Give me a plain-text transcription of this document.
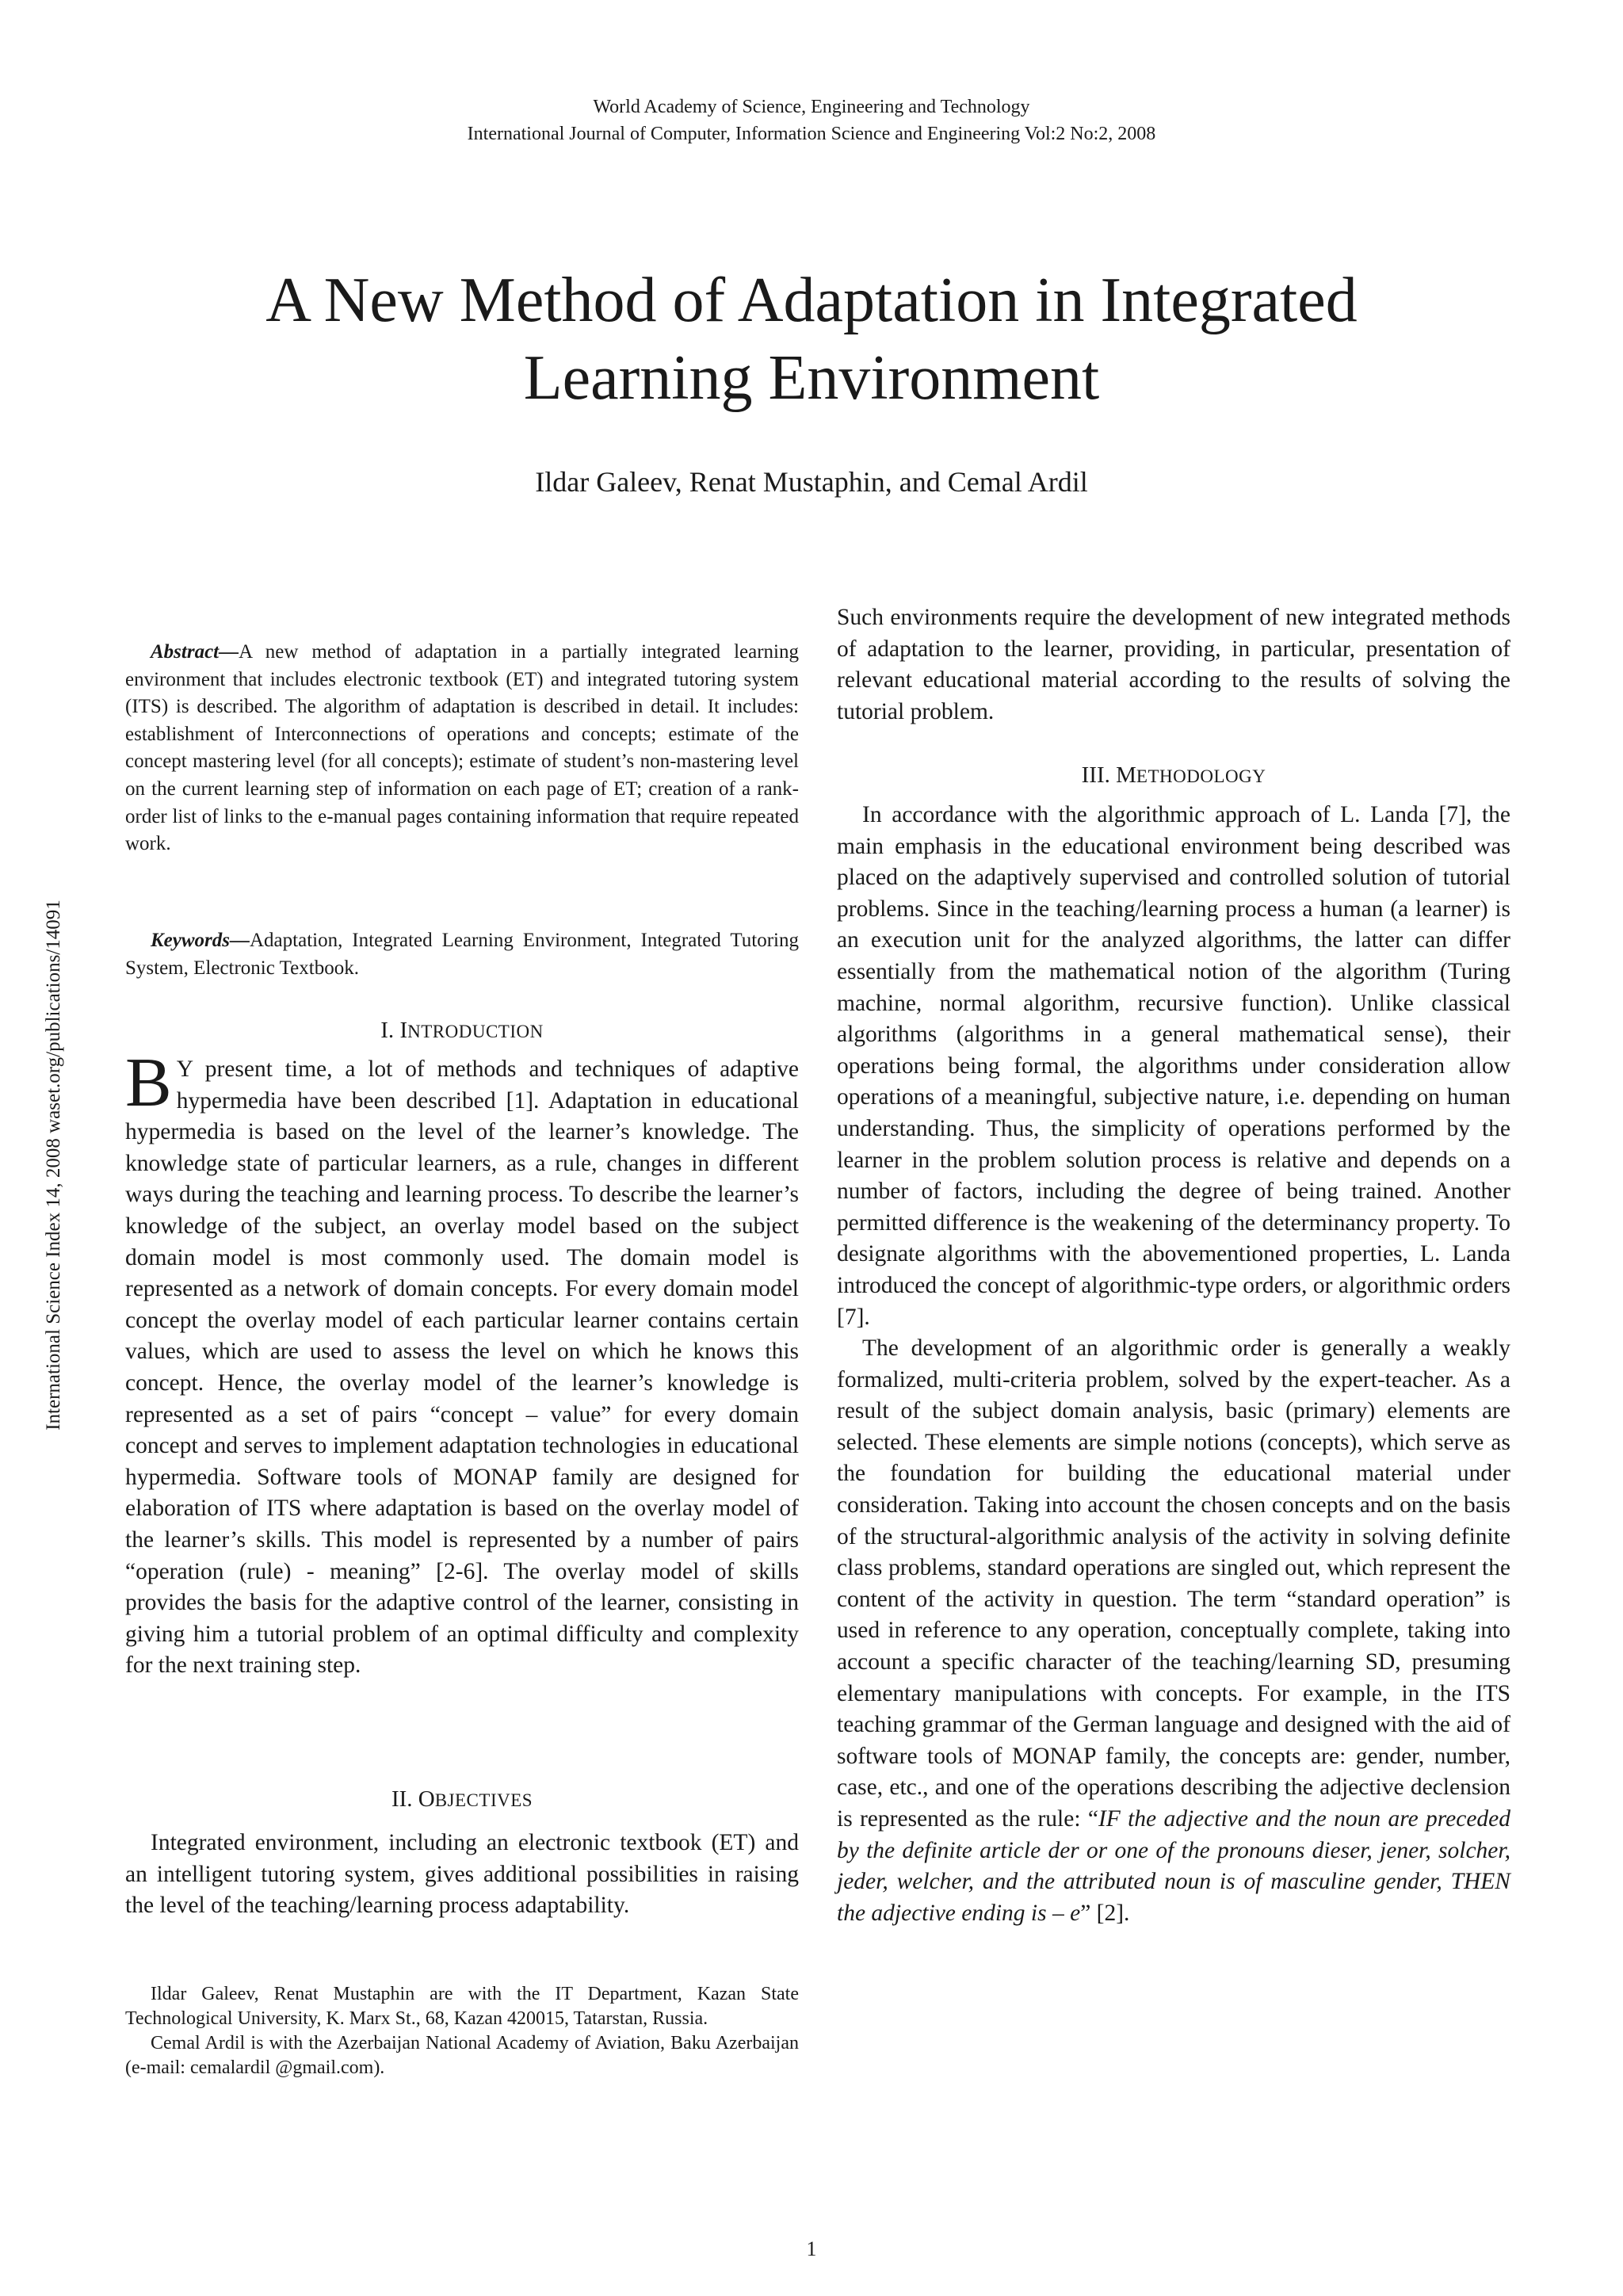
World Academy of Science, Engineering and Technology
International Journal of Computer, Information Science and Engineering Vol:2 No:2, 2008
A New Method of Adaptation in Integrated
Learning Environment
Ildar Galeev, Renat Mustaphin, and Cemal Ardil
International Science Index 14, 2008 waset.org/publications/14091

Abstract—A new method of adaptation in a partially integrated learning environment that includes electronic textbook (ET) and integrated tutoring system (ITS) is described. The algorithm of adaptation is described in detail. It includes: establishment of Interconnections of operations and concepts; estimate of the concept mastering level (for all concepts); estimate of student’s non-mastering level on the current learning step of information on each page of ET; creation of a rank-order list of links to the e-manual pages containing information that require repeated work.

Keywords—Adaptation, Integrated Learning Environment, Integrated Tutoring System, Electronic Textbook.

I. INTRODUCTION

B Y present time, a lot of methods and techniques of adaptive hypermedia have been described [1]. Adaptation in educational hypermedia is based on the level of the learner’s knowledge. The knowledge state of particular learners, as a rule, changes in different ways during the teaching and learning process. To describe the learner’s knowledge of the subject, an overlay model based on the subject domain model is most commonly used. The domain model is represented as a network of domain concepts. For every domain model concept the overlay model of each particular learner contains certain values, which are used to assess the level on which he knows this concept. Hence, the overlay model of the learner’s knowledge is represented as a set of pairs “concept – value” for every domain concept and serves to implement adaptation technologies in educational hypermedia. Software tools of MONAP family are designed for elaboration of ITS where adaptation is based on the overlay model of the learner’s skills. This model is represented by a number of pairs “operation (rule) - meaning” [2-6]. The overlay model of skills provides the basis for the adaptive control of the learner, consisting in giving him a tutorial problem of an optimal difficulty and complexity for the next training step.

II. OBJECTIVES

Integrated environment, including an electronic textbook (ET) and an intelligent tutoring system, gives additional possibilities in raising the level of the teaching/learning process adaptability.

Ildar Galeev, Renat Mustaphin are with the IT Department, Kazan State Technological University, K. Marx St., 68, Kazan 420015, Tatarstan, Russia.

Cemal Ardil is with the Azerbaijan National Academy of Aviation, Baku Azerbaijan (e-mail: cemalardil @gmail.com).

Such environments require the development of new integrated methods of adaptation to the learner, providing, in particular, presentation of relevant educational material according to the results of solving the tutorial problem.

III. METHODOLOGY

In accordance with the algorithmic approach of L. Landa [7], the main emphasis in the educational environment being described was placed on the adaptively supervised and controlled solution of tutorial problems. Since in the teaching/learning process a human (a learner) is an execution unit for the analyzed algorithms, the latter can differ essentially from the mathematical notion of the algorithm (Turing machine, normal algorithm, recursive function). Unlike classical algorithms (algorithms in a general mathematical sense), their operations being formal, the algorithms under consideration allow operations of a meaningful, subjective nature, i.e. depending on human understanding. Thus, the simplicity of operations performed by the learner in the problem solution process is relative and depends on a number of factors, including the degree of being trained. Another permitted difference is the weakening of the determinancy property. To designate algorithms with the abovementioned properties, L. Landa introduced the concept of algorithmic-type orders, or algorithmic orders [7].

The development of an algorithmic order is generally a weakly formalized, multi-criteria problem, solved by the expert-teacher. As a result of the subject domain analysis, basic (primary) elements are selected. These elements are simple notions (concepts), which serve as the foundation for building the educational material under consideration. Taking into account the chosen concepts and on the basis of the structural-algorithmic analysis of the activity in solving definite class problems, standard operations are singled out, which represent the content of the activity in question. The term “standard operation” is used in reference to any operation, conceptually complete, taking into account a specific character of the teaching/learning SD, presuming elementary manipulations with concepts. For example, in the ITS teaching grammar of the German language and designed with the aid of software tools of MONAP family, the concepts are: gender, number, case, etc., and one of the operations describing the adjective declension is represented as the rule: “IF the adjective and the noun are preceded by the definite article der or one of the pronouns dieser, jener, solcher, jeder, welcher, and the attributed noun is of masculine gender, THEN the adjective ending is – e” [2].

1
